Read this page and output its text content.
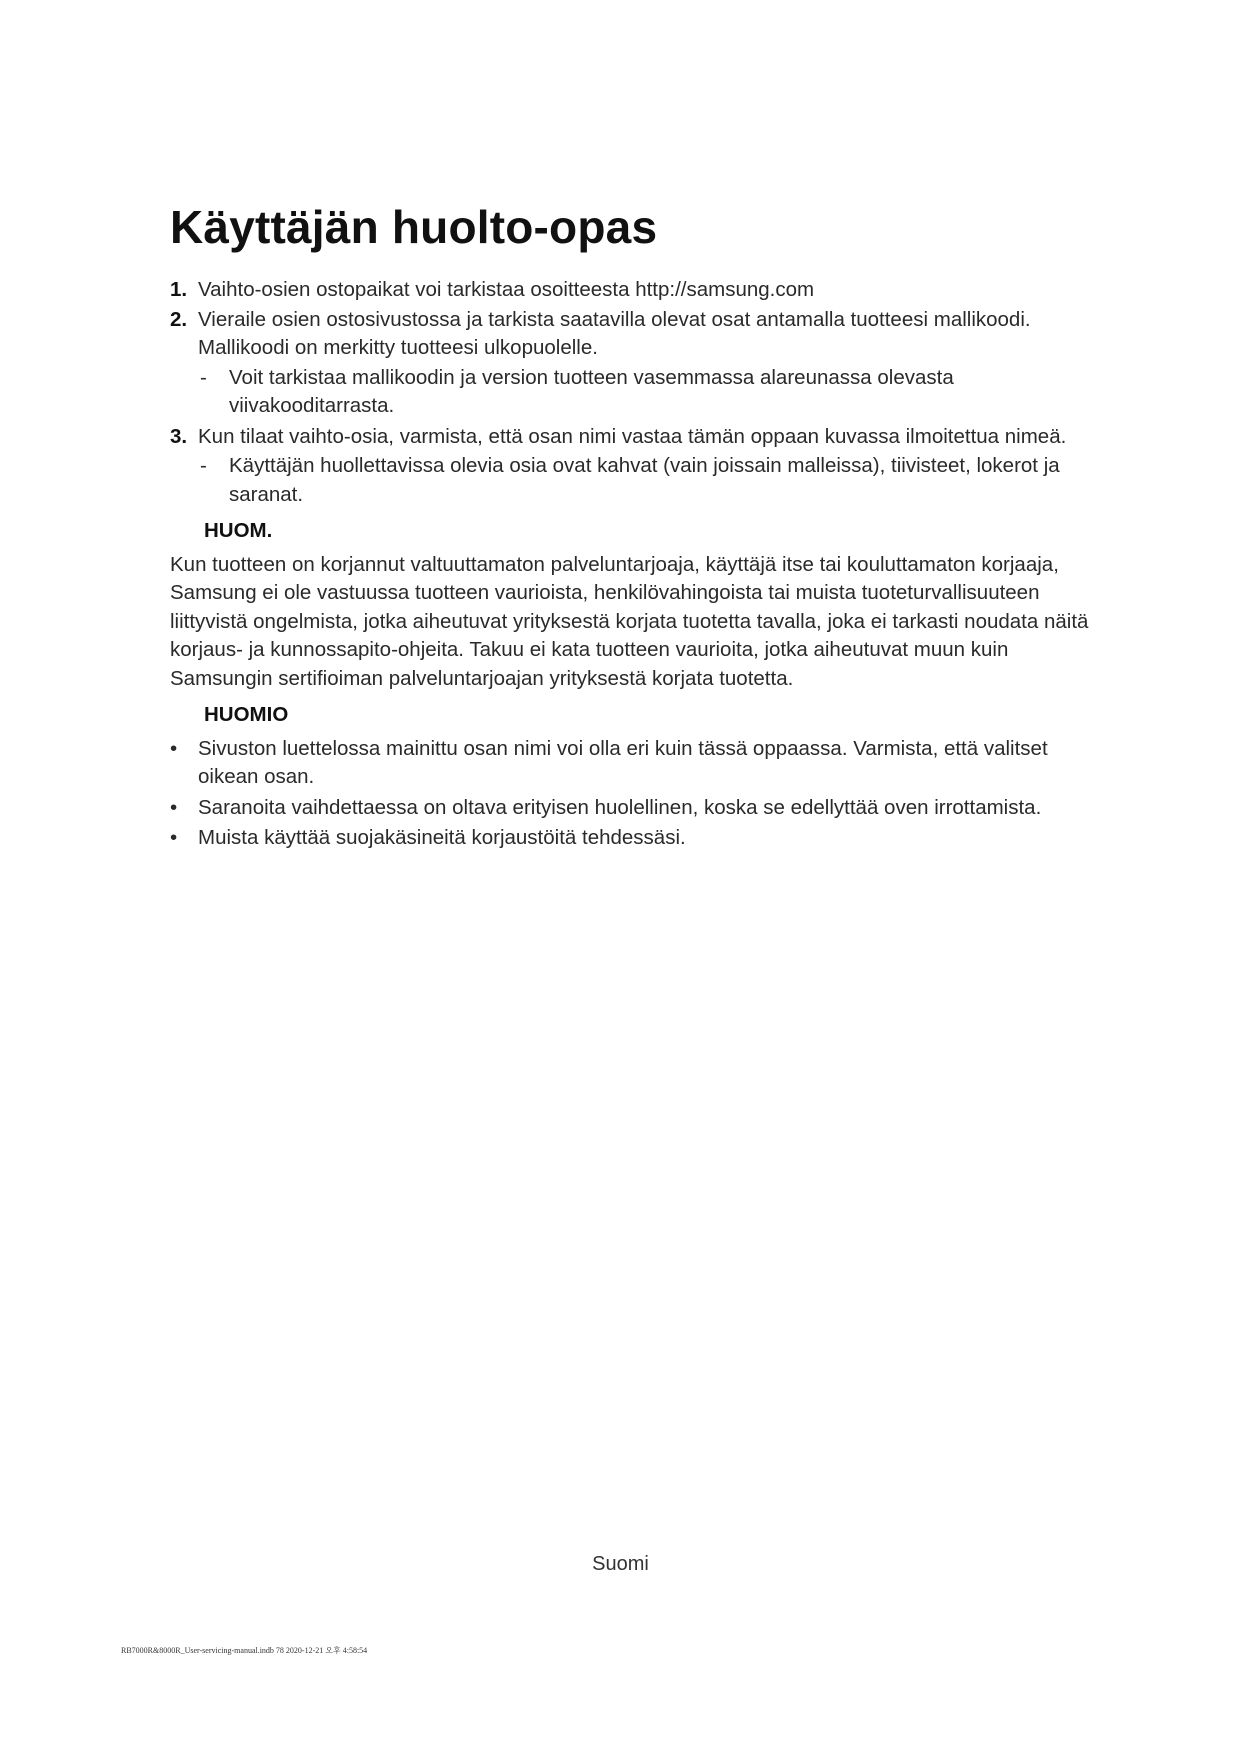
Käyttäjän huolto-opas
1. Vaihto-osien ostopaikat voi tarkistaa osoitteesta http://samsung.com
2. Vieraile osien ostosivustossa ja tarkista saatavilla olevat osat antamalla tuotteesi mallikoodi. Mallikoodi on merkitty tuotteesi ulkopuolelle.
- Voit tarkistaa mallikoodin ja version tuotteen vasemmassa alareunassa olevasta viivakooditarrasta.
3. Kun tilaat vaihto-osia, varmista, että osan nimi vastaa tämän oppaan kuvassa ilmoitettua nimeä.
- Käyttäjän huollettavissa olevia osia ovat kahvat (vain joissain malleissa), tiivisteet, lokerot ja saranat.
HUOM.

Kun tuotteen on korjannut valtuuttamaton palveluntarjoaja, käyttäjä itse tai kouluttamaton korjaaja, Samsung ei ole vastuussa tuotteen vaurioista, henkilövahingoista tai muista tuoteturvallisuuteen liittyvistä ongelmista, jotka aiheutuvat yrityksestä korjata tuotetta tavalla, joka ei tarkasti noudata näitä korjaus- ja kunnossapito-ohjeita. Takuu ei kata tuotteen vaurioita, jotka aiheutuvat muun kuin Samsungin sertifioiman palveluntarjoajan yrityksestä korjata tuotetta.

HUOMIO
• Sivuston luettelossa mainittu osan nimi voi olla eri kuin tässä oppaassa. Varmista, että valitset oikean osan.
• Saranoita vaihdettaessa on oltava erityisen huolellinen, koska se edellyttää oven irrottamista.
• Muista käyttää suojakäsineitä korjaustöitä tehdessäsi.
Suomi
RB7000R&8000R_User-servicing-manual.indb 78 2020-12-21 오후 4:58:54
